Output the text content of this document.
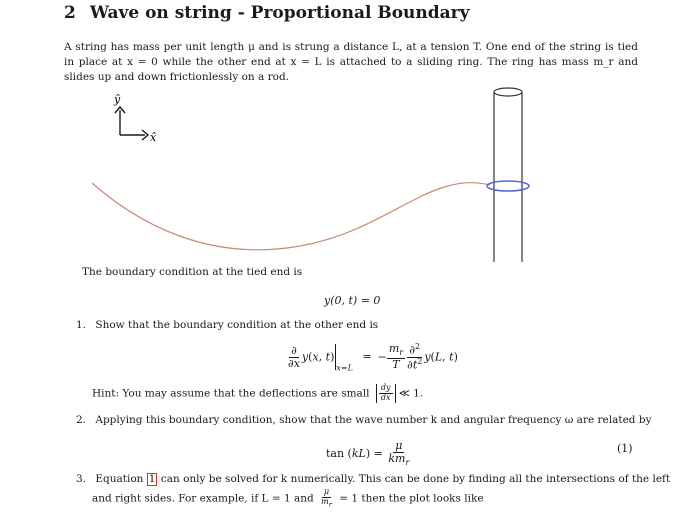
2 Wave on string - Proportional Boundary
A string has mass per unit length μ and is strung a distance L, at a tension T. One end of the string is tied in place at x = 0 while the other end at x = L is attached to a sliding ring. The ring has mass m_r and slides up and down frictionlessly on a rod.
ŷ
x̂
The boundary condition at the tied end is
y(0, t) = 0
1. Show that the boundary condition at the other end is
$\frac{\partial}{\partial x} y(x$, $t)_{x=L}$ = − $\frac{m_r}{T} \frac{\partial^2}{\partial t^2} y(L$, t)
Hint: You may assume that the deflections are small $\frac{dy}{dx}$ ≪ 1.
2. Applying this boundary condition, show that the wave number k and angular frequency ω are related by
$\tan (kL) = \frac{\mu}{km_r}$	(1)
3. Equation 1 can only be solved for k numerically. This can be done by finding all the intersections of the left
and right sides. For example, if L = 1 and $\frac{\mu}{m_r} = 1$ then the plot looks like
